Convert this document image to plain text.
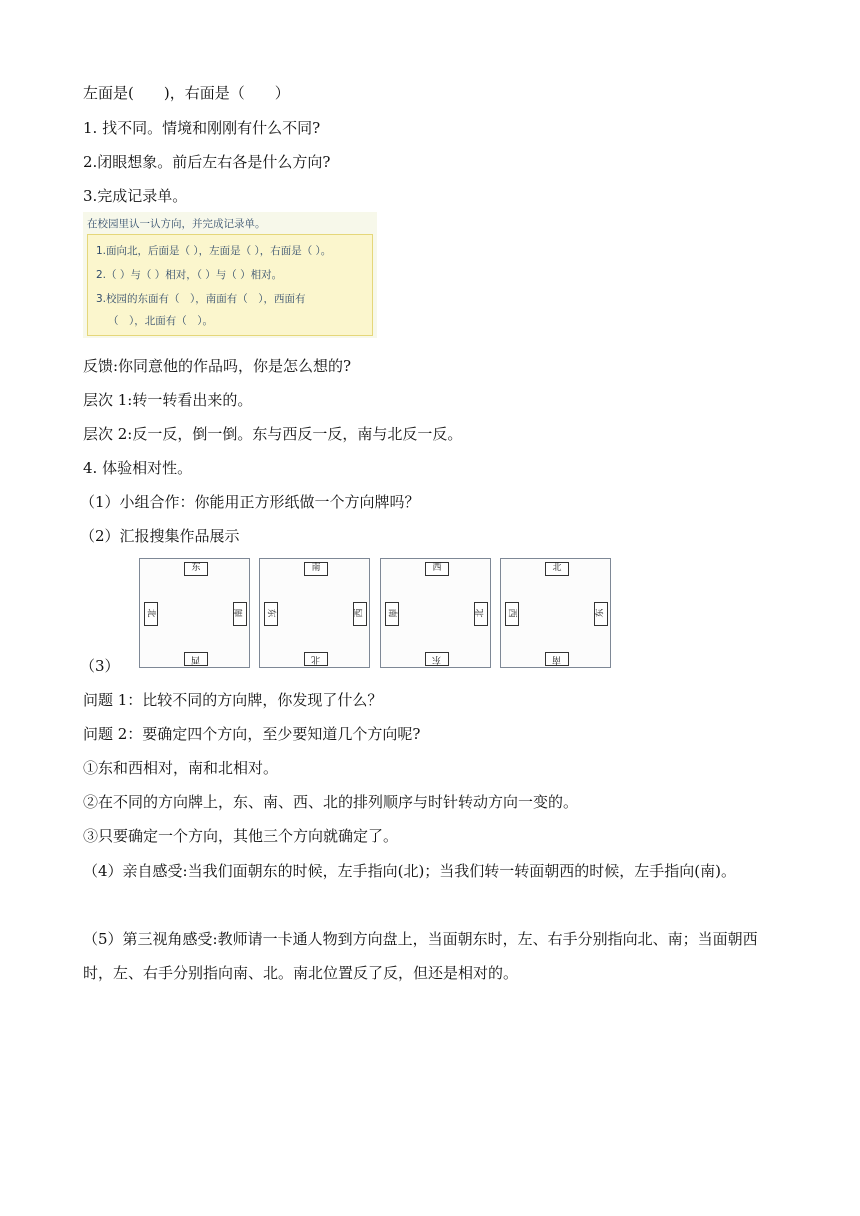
左面是(　　)，右面是（　　）
1. 找不同。情境和刚刚有什么不同?
2.闭眼想象。前后左右各是什么方向?
3.完成记录单。
在校园里认一认方向，并完成记录单。
1.面向北，后面是（ ），左面是（ ），右面是（ ）。
2.（ ）与（ ）相对，（ ）与（ ）相对。
3.校园的东面有（　），南面有（　），西面有
（　），北面有（　）。
反馈:你同意他的作品吗，你是怎么想的?
层次 1:转一转看出来的。
层次 2:反一反，倒一倒。东与西反一反，南与北反一反。
4. 体验相对性。
（1）小组合作：你能用正方形纸做一个方向牌吗？
（2）汇报搜集作品展示
东
西
北	南
南
北
东	西
西
东
南	北
北
南
西	东
（3）
问题 1：比较不同的方向牌，你发现了什么？
问题 2：要确定四个方向，至少要知道几个方向呢?
①东和西相对，南和北相对。
②在不同的方向牌上，东、南、西、北的排列顺序与时针转动方向一变的。
③只要确定一个方向，其他三个方向就确定了。
（4）亲自感受:当我们面朝东的时候，左手指向(北)；当我们转一转面朝西的时候，左手指向(南)。
（5）第三视角感受:教师请一卡通人物到方向盘上，当面朝东时，左、右手分别指向北、南；当面朝西时，左、右手分别指向南、北。南北位置反了反，但还是相对的。
